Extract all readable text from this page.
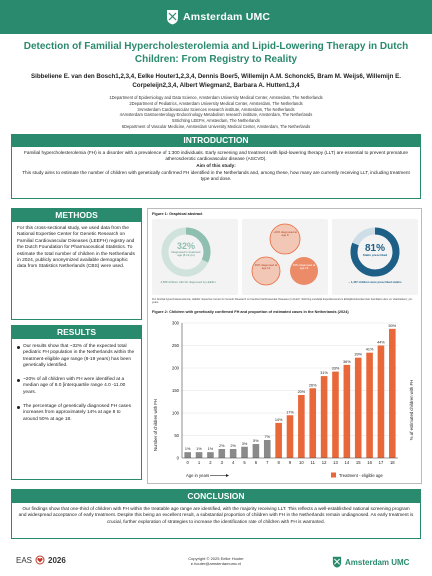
Amsterdam UMC
Detection of Familial Hypercholesterolemia and Lipid-Lowering Therapy in Dutch Children: From Registry to Reality
Sibbeliene E. van den Bosch1,2,3,4, Eelke Houter1,2,3,4, Dennis Boer5, Willemijn A.M. Schonck5, Bram M. Weijs6, Willemijn E. Corpeleijn2,3,4, Albert Wiegman2, Barbara A. Hutten1,3,4
1Department of Epidemiology and Data Science, Amsterdam University Medical Center, Amsterdam, The Netherlands
2Department of Pediatrics, Amsterdam University Medical Center, Amsterdam, The Netherlands
3Amsterdam Cardiovascular Sciences research institute, Amsterdam, The Netherlands
4Amsterdam Gastroenterology Endocrinology Metabolism research institute, Amsterdam, The Netherlands
5Stichting LEEFH, Amsterdam, The Netherlands
6Department of Vascular Medicine, Amsterdam University Medical Center, Amsterdam, The Netherlands
INTRODUCTION
Familial hypercholesterolemia (FH) is a disorder with a prevalence of 1:300 individuals. Early screening and treatment with lipid-lowering therapy (LLT) are essential to prevent premature atherosclerotic cardiovascular disease (ASCVD).
Aim of this study:
This study aims to estimate the number of children with genetically confirmed FH identified in the Netherlands and, among these, how many are currently receiving LLT, including treatment type and dose.
METHODS
For this cross-sectional study, we used data from the National Expertise Center for Genetic Research on Familial Cardiovascular Diseases (LEEFH) registry and the Dutch Foundation for Pharmaceutical Statistics. To estimate the total number of children in the Netherlands in 2024, publicly anonymized available demographic data from Statistics Netherlands (CBS) were used.
RESULTS
Our results show that ~32% of the expected total pediatric FH population in the Netherlands within the treatment-eligible age range (8-19 years) has been genetically identified.
~20% of all children with FH were identified at a median age of 8.0 [interquartile range 4.0 -11.00 years.
The percentage of genetically diagnosed FH cases increases from approximately 14% at age 8 to around 50% at age 18.
Figure 1: Graphical abstract
32%
Diagnosed in treatment age (8-19 y/o)
4,588 children with FH diagnosed by LEEFH
~20% diagnosed at age 8
30% diagnosed at age 12
45% diagnosed at age 16
81%
Statin prescribed
~ 1,407 children were prescribed statins
FH: familial hypercholesterolemia; LEEFH: Expertise Center for Genetic Research on Familial Cardiovascular Diseases (in Dutch: Stichting Landelijk Expertisecentrum Erfelijkheidsonderzoek Familiaire Hart- en Vaatziekten); y/o: years
Figure 2: Children with genetically confirmed FH and proportion of estimated cases in the Netherlands (2024)
1% 1% 1%
2% 2%
3%
5%
7%
14%
17%
20%
26%
31%
33%
36%
39%
41%
44%
50%
0
50
100
150
200
250
300
0 1 2 3 4 5 6 7 8 9 10 11 12 13 14 15 16 17 18
Number of children with FH	% of estimated children with FH
Age in years	Treatment - eligible age
CONCLUSION
Our findings show that one-third of children with FH within the treatable age range are identified, with the majority receiving LLT. This reflects a well-established national screening program and widespread acceptance of early treatment. Despite this being an excellent result, a substantial proportion of children with FH in the Netherlands remain undiagnosed. As early treatment is crucial, further exploration of strategies to increase the identification rate of children with FH is warranted.
EAS 2026	Copyright © 2025 Eelke Houter
e.houter@amsterdamumc.nl	Amsterdam UMC
